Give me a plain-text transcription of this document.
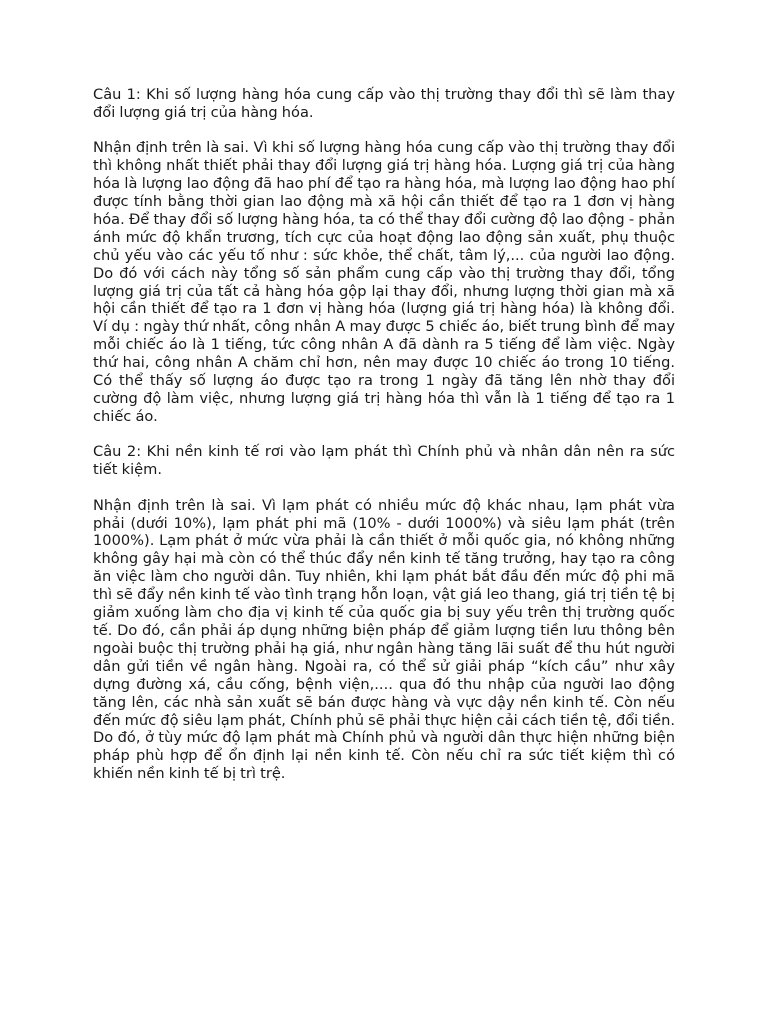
Câu 1: Khi số lượng hàng hóa cung cấp vào thị trường thay đổi thì sẽ làm thay đổi lượng giá trị của hàng hóa.

Nhận định trên là sai. Vì khi số lượng hàng hóa cung cấp vào thị trường thay đổi thì không nhất thiết phải thay đổi lượng giá trị hàng hóa. Lượng giá trị của hàng hóa là lượng lao động đã hao phí để tạo ra hàng hóa, mà lượng lao động hao phí được tính bằng thời gian lao động mà xã hội cần thiết để tạo ra 1 đơn vị hàng hóa. Để thay đổi số lượng hàng hóa, ta có thể thay đổi cường độ lao động - phản ánh mức độ khẩn trương, tích cực của hoạt động lao động sản xuất, phụ thuộc chủ yếu vào các yếu tố như : sức khỏe, thể chất, tâm lý,... của người lao động. Do đó với cách này tổng số sản phẩm cung cấp vào thị trường thay đổi, tổng lượng giá trị của tất cả hàng hóa gộp lại thay đổi, nhưng lượng thời gian mà xã hội cần thiết để tạo ra 1 đơn vị hàng hóa (lượng giá trị hàng hóa) là không đổi. Ví dụ : ngày thứ nhất, công nhân A may được 5 chiếc áo, biết trung bình để may mỗi chiếc áo là 1 tiếng, tức công nhân A đã dành ra 5 tiếng để làm việc. Ngày thứ hai, công nhân A chăm chỉ hơn, nên may được 10 chiếc áo trong 10 tiếng. Có thể thấy số lượng áo được tạo ra trong 1 ngày đã tăng lên nhờ thay đổi cường độ làm việc, nhưng lượng giá trị hàng hóa thì vẫn là 1 tiếng để tạo ra 1 chiếc áo.

Câu 2: Khi nền kinh tế rơi vào lạm phát thì Chính phủ và nhân dân nên ra sức tiết kiệm.

Nhận định trên là sai. Vì lạm phát có nhiều mức độ khác nhau, lạm phát vừa phải (dưới 10%), lạm phát phi mã (10% - dưới 1000%) và siêu lạm phát (trên 1000%). Lạm phát ở mức vừa phải là cần thiết ở mỗi quốc gia, nó không những không gây hại mà còn có thể thúc đẩy nền kinh tế tăng trưởng, hay tạo ra công ăn việc làm cho người dân. Tuy nhiên, khi lạm phát bắt đầu đến mức độ phi mã thì sẽ đẩy nền kinh tế vào tình trạng hỗn loạn, vật giá leo thang, giá trị tiền tệ bị giảm xuống làm cho địa vị kinh tế của quốc gia bị suy yếu trên thị trường quốc tế. Do đó, cần phải áp dụng những biện pháp để giảm lượng tiền lưu thông bên ngoài buộc thị trường phải hạ giá, như ngân hàng tăng lãi suất để thu hút người dân gửi tiền về ngân hàng. Ngoài ra, có thể sử giải pháp “kích cầu” như xây dựng đường xá, cầu cống, bệnh viện,.... qua đó thu nhập của người lao động tăng lên, các nhà sản xuất sẽ bán được hàng và vực dậy nền kinh tế. Còn nếu đến mức độ siêu lạm phát, Chính phủ sẽ phải thực hiện cải cách tiền tệ, đổi tiền. Do đó, ở tùy mức độ lạm phát mà Chính phủ và người dân thực hiện những biện pháp phù hợp để ổn định lại nền kinh tế. Còn nếu chỉ ra sức tiết kiệm thì có khiến nền kinh tế bị trì trệ.
